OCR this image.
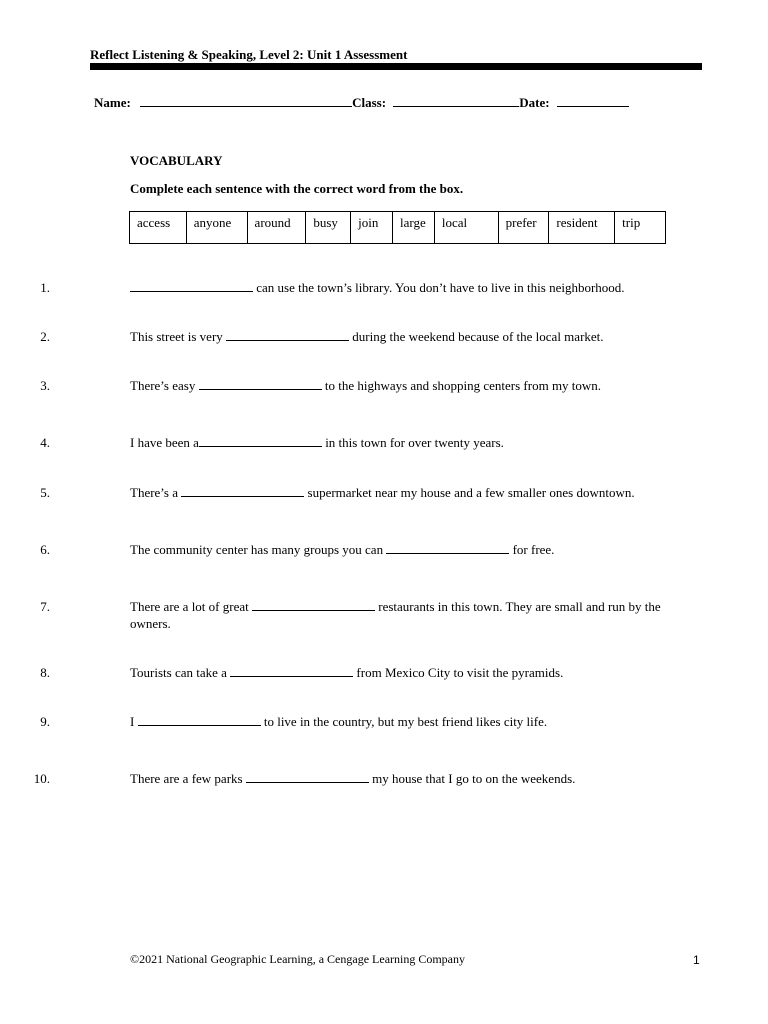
Reflect Listening & Speaking, Level 2: Unit 1 Assessment
Name:	Class:	Date:
VOCABULARY
Complete each sentence with the correct word from the box.
access	anyone	around	busy	join	large	local	prefer	resident	trip
1.	can use the town’s library. You don’t have to live in this neighborhood.
2.	This street is very	during the weekend because of the local market.
3.	There’s easy	to the highways and shopping centers from my town.
4.	I have been a	in this town for over twenty years.
5.	There’s a	supermarket near my house and a few smaller ones downtown.
6.	The community center has many groups you can	for free.
7.	There are a lot of great	restaurants in this town. They are small and run by the owners.
8.	Tourists can take a	from Mexico City to visit the pyramids.
9.	I	to live in the country, but my best friend likes city life.
10.	There are a few parks	my house that I go to on the weekends.
©2021 National Geographic Learning, a Cengage Learning Company	1
